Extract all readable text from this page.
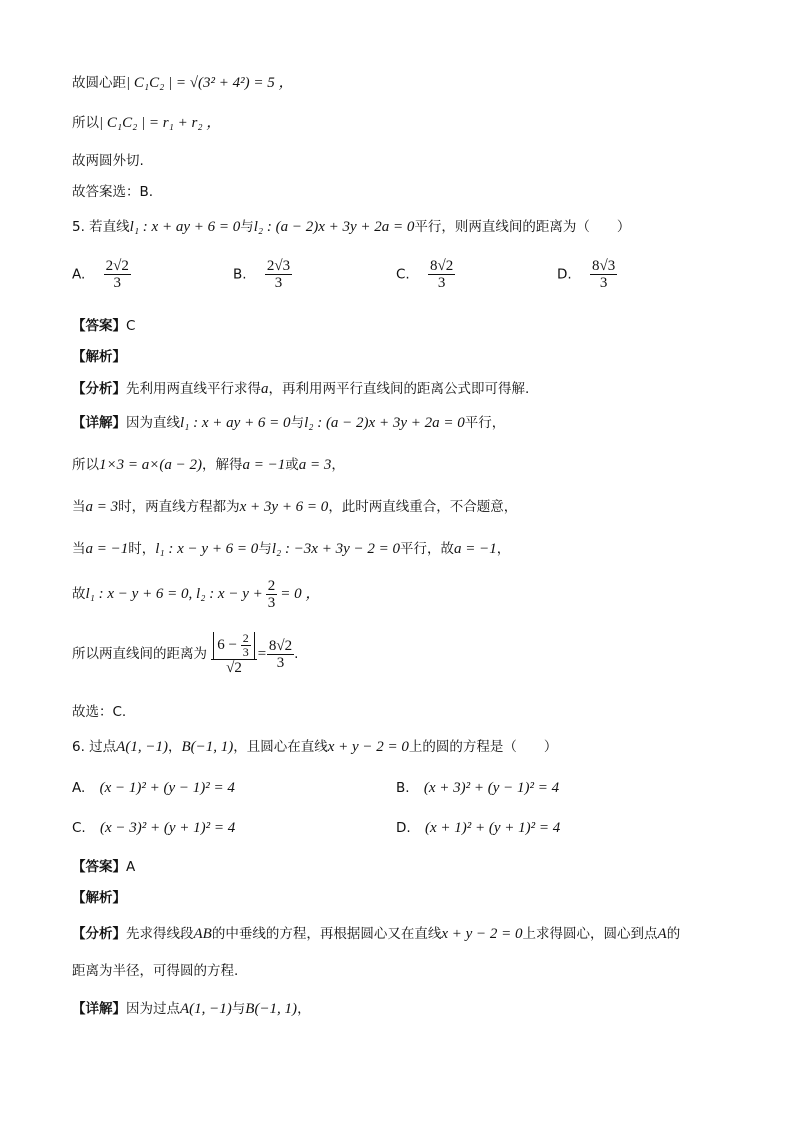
故圆心距| C₁C₂ | = √(3² + 4²) = 5 ，
所以| C₁C₂ | = r₁ + r₂ ，
故两圆外切.
故答案选：B.
5. 若直线l₁ : x + ay + 6 = 0与l₂ : (a − 2)x + 3y + 2a = 0平行，则两直线间的距离为（　　）
A. $\frac{2√2}{3}$	B. $\frac{2√3}{3}$	C. $\frac{8√2}{3}$	D. $\frac{8√3}{3}$
【答案】C
【解析】
【分析】先利用两直线平行求得a，再利用两平行直线间的距离公式即可得解.
【详解】因为直线l₁ : x + ay + 6 = 0与l₂ : (a − 2)x + 3y + 2a = 0平行，
所以1×3 = a×(a − 2)，解得a = −1或a = 3，
当a = 3时，两直线方程都为x + 3y + 6 = 0，此时两直线重合，不合题意，
当a = −1时，l₁ : x − y + 6 = 0与l₂ : −3x + 3y − 2 = 0平行，故a = −1，
故l₁ : x − y + 6 = 0, l₂ : $x - y + \frac{2}{3} = 0$ ，
所以两直线间的距离为 $\frac{6 - \frac{2}{3}}{√2} = \frac{8√2}{3}$ .
故选：C.
6. 过点A(1, −1)，B(−1, 1)，且圆心在直线x + y − 2 = 0上的圆的方程是（　　）
A. (x − 1)² + (y − 1)² = 4	B. (x + 3)² + (y − 1)² = 4
C. (x − 3)² + (y + 1)² = 4	D. (x + 1)² + (y + 1)² = 4
【答案】A
【解析】
【分析】先求得线段AB的中垂线的方程，再根据圆心又在直线x + y − 2 = 0上求得圆心，圆心到点A的
距离为半径，可得圆的方程.
【详解】因为过点A(1, −1)与B(−1, 1)，
